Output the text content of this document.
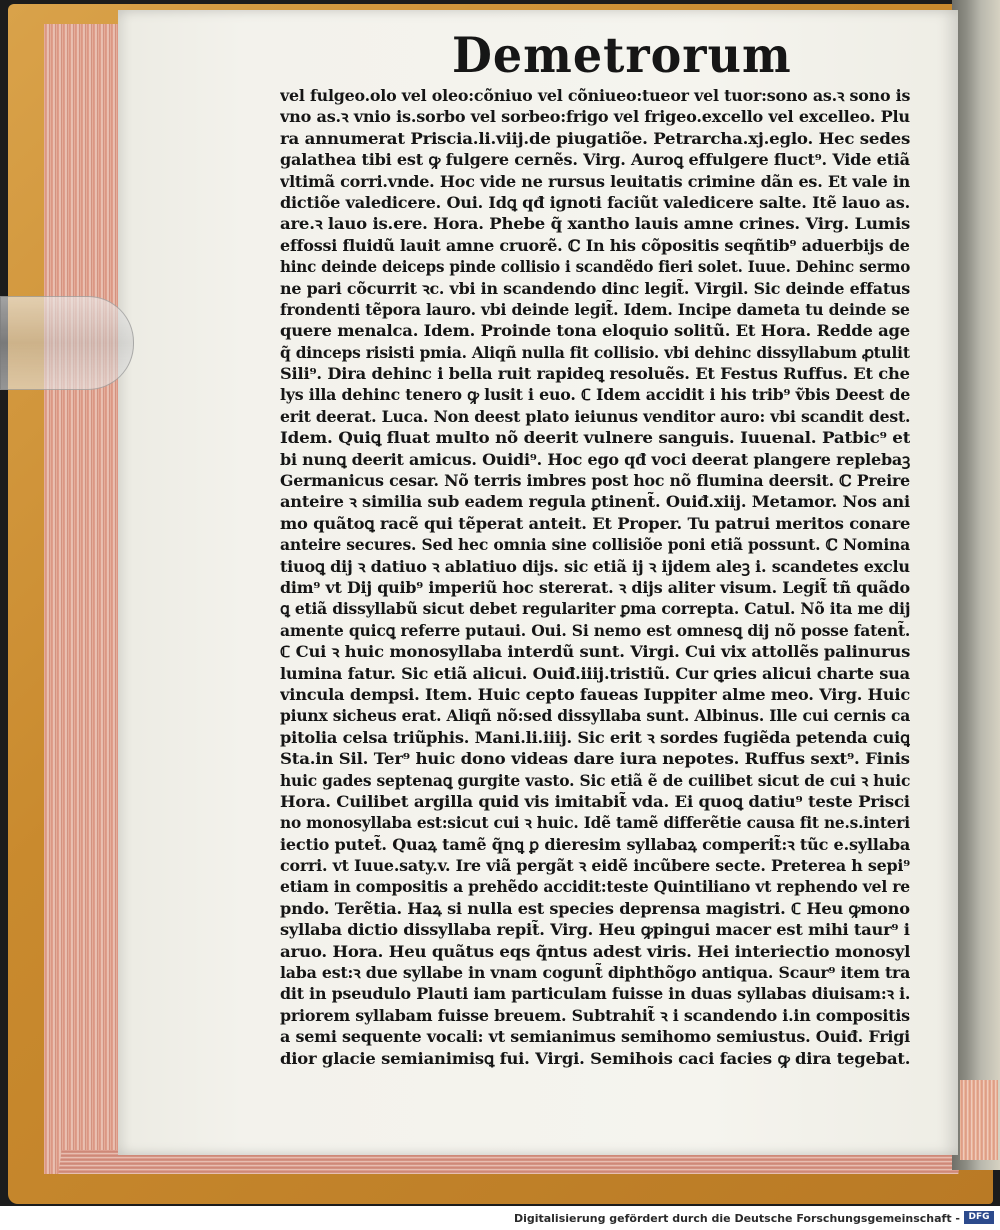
Demetrorum
vel fulgeo.olo vel oleo:cõniuo vel cõniueo:tueor vel tuor:sono as.ꝛ sono is
vno as.ꝛ vnio is.sorbo vel sorbeo:frigo vel frigeo.excello vel excelleo. Plu
ra annumerat Priscia.li.viij.de piugatiõe. Petrarcha.xj.eglo. Hec sedes
galathea tibi est ꝙ fulgere cernẽs. Virg. Auroꝗ effulgere fluct⁹. Vide etiã
vltimã corri.vnde. Hoc vide ne rursus leuitatis crimine dãn es. Et vale in
dictiõe valedicere. Oui. Idꝗ qđ ignoti faciũt valedicere salte. Itẽ lauo as.
are.ꝛ lauo is.ere. Hora. Phebe q̃ xantho lauis amne crines. Virg. Lumis
effossi fluidũ lauit amne cruorẽ. ℂ In his cõpositis seqñtib⁹ aduerbijs de
hinc deinde deiceps pinde collisio i scandẽdo fieri solet. Iuue. Dehinc sermo
ne pari cõcurrit ꝛc. vbi in scandendo dinc legit̃. Virgil. Sic deinde effatus
frondenti tẽpora lauro. vbi deinde legit̃. Idem. Incipe dameta tu deinde se
quere menalca. Idem. Proinde tona eloquio solitũ. Et Hora. Redde age
q̃ dinceps risisti pmia. Aliqñ nulla fit collisio. vbi dehinc dissyllabum ꝓtulit
Sili⁹. Dira dehinc i bella ruit rapideꝗ resoluẽs. Et Festus Ruffus. Et che
lys illa dehinc tenero ꝙ lusit i euo. ℂ Idem accidit i his trib⁹ ṽbis Deest de
erit deerat. Luca. Non deest plato ieiunus venditor auro: vbi scandit dest.
Idem. Quiꝗ fluat multo nõ deerit vulnere sanguis. Iuuenal. Patbic⁹ et
bi nunꝗ deerit amicus. Ouidi⁹. Hoc ego qđ voci deerat plangere replebaꝫ
Germanicus cesar. Nõ terris imbres post hoc nõ flumina deersit. ℂ Preire
anteire ꝛ similia sub eadem regula ꝑtinent̃. Ouiđ.xiij. Metamor. Nos ani
mo quãtoꝗ racẽ qui tẽperat anteit. Et Proper. Tu patrui meritos conare
anteire secures. Sed hec omnia sine collisiõe poni etiã possunt. ℂ Nomina
tiuoꝗ dij ꝛ datiuo ꝛ ablatiuo dijs. sic etiã ij ꝛ ijdem aleꝫ i. scandetes exclu
dim⁹ vt Dij quib⁹ imperiũ hoc stererat. ꝛ dijs aliter visum. Legit̃ tñ quãdo
ꝗ etiã dissyllabũ sicut debet regulariter ꝑma correpta. Catul. Nõ ita me dij
amente quicꝗ referre putaui. Oui. Si nemo est omnesꝗ dij nõ posse fatent̃.
ℂ Cui ꝛ huic monosyllaba interdũ sunt. Virgi. Cui vix attollẽs palinurus
lumina fatur. Sic etiã alicui. Ouiđ.iiij.tristiũ. Cur ꝗries alicui charte sua
vincula dempsi. Item. Huic cepto faueas Iuppiter alme meo. Virg. Huic
piunx sicheus erat. Aliqñ nõ:sed dissyllaba sunt. Albinus. Ille cui cernis ca
pitolia celsa triũphis. Mani.li.iiij. Sic erit ꝛ sordes fugiẽda petenda cuiꝗ
Sta.in Sil. Ter⁹ huic dono videas dare iura nepotes. Ruffus sext⁹. Finis
huic gades septenaꝗ gurgite vasto. Sic etiã ẽ de cuilibet sicut de cui ꝛ huic
Hora. Cuilibet argilla quid vis imitabit̃ vda. Ei quoꝗ datiu⁹ teste Prisci
no monosyllaba est:sicut cui ꝛ huic. Idẽ tamẽ differẽtie causa fit ne.s.interi
iectio putet̃. Quaꝝ tamẽ q̃nꝗ ꝑ dieresim syllabaꝝ comperit̃:ꝛ tũc e.syllaba
corri. vt Iuue.saty.v. Ire viã pergãt ꝛ eidẽ incũbere secte. Preterea h sepi⁹
etiam in compositis a prehẽdo accidit:teste Quintiliano vt rephendo vel re
pndo. Terẽtia. Haꝝ si nulla est species deprensa magistri. ℂ Heu ꝙmono
syllaba dictio dissyllaba repit̃. Virg. Heu ꝙpingui macer est mihi taur⁹ i
aruo. Hora. Heu quãtus eqs q̃ntus adest viris. Hei interiectio monosyl
laba est:ꝛ due syllabe in vnam cogunt̃ diphthõgo antiqua. Scaur⁹ item tra
dit in pseudulo Plauti iam particulam fuisse in duas syllabas diuisam:ꝛ i.
priorem syllabam fuisse breuem. Subtrahit̃ ꝛ i scandendo i.in compositis
a semi sequente vocali: vt semianimus semihomo semiustus. Ouiđ. Frigi
dior glacie semianimisꝗ fui. Virgi. Semihois caci facies ꝙ dira tegebat.
Digitalisierung gefördert durch die Deutsche Forschungsgemeinschaft - DFG
